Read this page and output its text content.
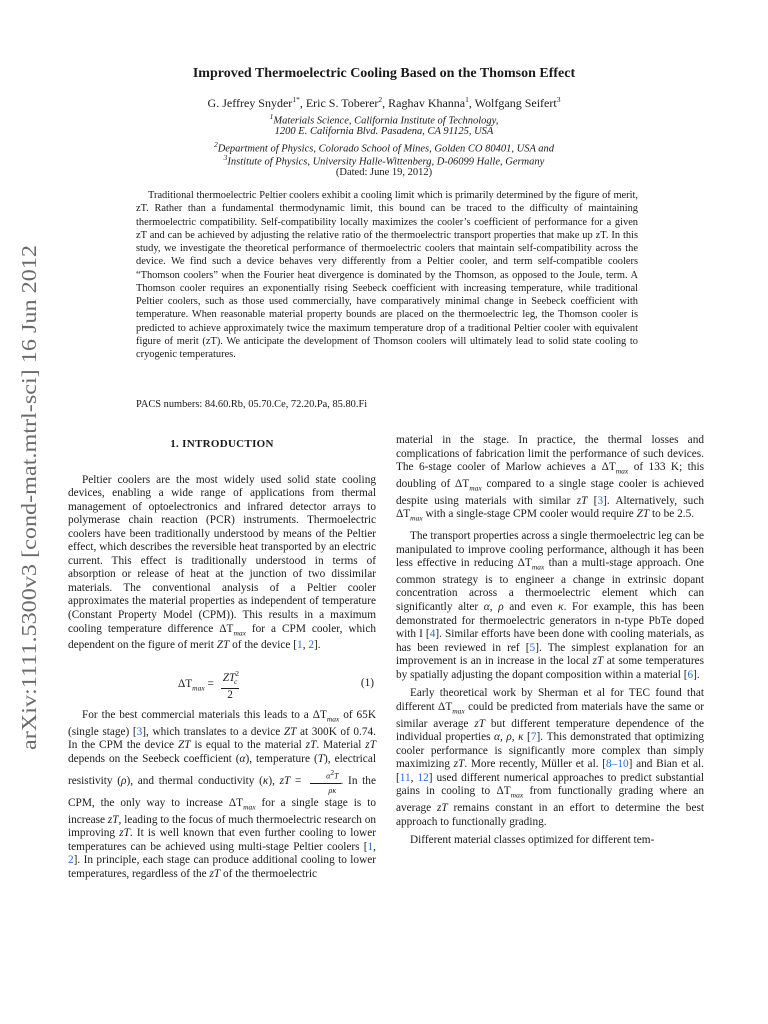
arXiv:1111.5300v3 [cond-mat.mtrl-sci] 16 Jun 2012
Improved Thermoelectric Cooling Based on the Thomson Effect
G. Jeffrey Snyder$^{1*}$, Eric S. Toberer$^2$, Raghav Khanna$^1$, Wolfgang Seifert$^3$
$^1$Materials Science, California Institute of Technology,
1200 E. California Blvd. Pasadena, CA 91125, USA
$^2$Department of Physics, Colorado School of Mines, Golden CO 80401, USA and
$^3$Institute of Physics, University Halle-Wittenberg, D-06099 Halle, Germany
(Dated: June 19, 2012)

Traditional thermoelectric Peltier coolers exhibit a cooling limit which is primarily determined by the figure of merit, zT. Rather than a fundamental thermodynamic limit, this bound can be traced to the difficulty of maintaining thermoelectric compatibility. Self-compatibility locally maximizes the cooler’s coefficient of performance for a given zT and can be achieved by adjusting the relative ratio of the thermoelectric transport properties that make up zT. In this study, we investigate the theoretical performance of thermoelectric coolers that maintain self-compatibility across the device. We find such a device behaves very differently from a Peltier cooler, and term self-compatible coolers “Thomson coolers” when the Fourier heat divergence is dominated by the Thomson, as opposed to the Joule, term. A Thomson cooler requires an exponentially rising Seebeck coefficient with increasing temperature, while traditional Peltier coolers, such as those used commercially, have comparatively minimal change in Seebeck coefficient with temperature. When reasonable material property bounds are placed on the thermoelectric leg, the Thomson cooler is predicted to achieve approximately twice the maximum temperature drop of a traditional Peltier cooler with equivalent figure of merit (zT). We anticipate the development of Thomson coolers will ultimately lead to solid state cooling to cryogenic temperatures.

PACS numbers: 84.60.Rb, 05.70.Ce, 72.20.Pa, 85.80.Fi
1. INTRODUCTION

Peltier coolers are the most widely used solid state cooling devices, enabling a wide range of applications from thermal management of optoelectronics and infrared detector arrays to polymerase chain reaction (PCR) instruments. Thermoelectric coolers have been traditionally understood by means of the Peltier effect, which describes the reversible heat transported by an electric current. This effect is traditionally understood in terms of absorption or release of heat at the junction of two dissimilar materials. The conventional analysis of a Peltier cooler approximates the material properties as independent of temperature (Constant Property Model (CPM)). This results in a maximum cooling temperature difference $\Delta T_{max}$ for a CPM cooler, which dependent on the figure of merit ZT of the device [1, 2].

$\Delta T_{max} = \frac{ZT^2_c}{2}$	(1)

For the best commercial materials this leads to a $\Delta T_{max}$ of 65K (single stage) [3], which translates to a device ZT at 300K of 0.74. In the CPM the device ZT is equal to the material zT. Material zT depends on the Seebeck coefficient (α), temperature (T), electrical resistivity (ρ), and thermal conductivity (κ), zT = $\frac{\alpha^2T}{\rho\kappa}$ . In the CPM, the only way to increase $\Delta T_{max}$ for a single stage is to increase zT, leading to the focus of much thermoelectric research on improving zT. It is well known that even further cooling to lower temperatures can be achieved using multi-stage Peltier coolers [1, 2]. In principle, each stage can produce additional cooling to lower temperatures, regardless of the zT of the thermoelectric

material in the stage. In practice, the thermal losses and complications of fabrication limit the performance of such devices. The 6-stage cooler of Marlow achieves a $\Delta T_{max}$ of 133 K; this doubling of $\Delta T_{max}$ compared to a single stage cooler is achieved despite using materials with similar zT [3]. Alternatively, such $\Delta T_{max}$ with a single-stage CPM cooler would require ZT to be 2.5.

The transport properties across a single thermoelectric leg can be manipulated to improve cooling performance, although it has been less effective in reducing $\Delta T_{max}$ than a multi-stage approach. One common strategy is to engineer a change in extrinsic dopant concentration across a thermoelectric element which can significantly alter α, ρ and even κ. For example, this has been demonstrated for thermoelectric generators in n-type PbTe doped with I [4]. Similar efforts have been done with cooling materials, as has been reviewed in ref [5]. The simplest explanation for an improvement is an in increase in the local zT at some temperatures by spatially adjusting the dopant composition within a material [6].

Early theoretical work by Sherman et al for TEC found that different $\Delta T_{max}$ could be predicted from materials have the same or similar average zT but different temperature dependence of the individual properties α, ρ, κ [7]. This demonstrated that optimizing cooler performance is significantly more complex than simply maximizing zT. More recently, Müller et al. [8–10] and Bian et al. [11, 12] used different numerical approaches to predict substantial gains in cooling to $\Delta T_{max}$ from functionally grading where an average zT remains constant in an effort to determine the best approach to functionally grading.

Different material classes optimized for different tem-
